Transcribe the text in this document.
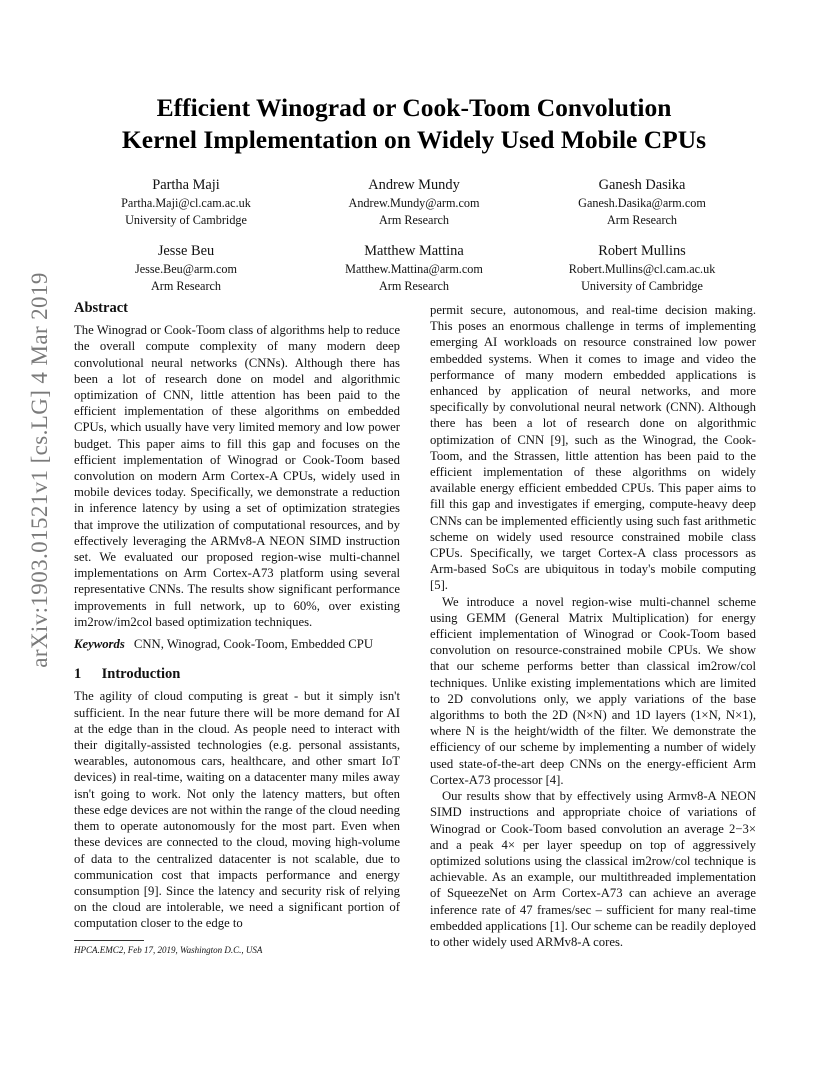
arXiv:1903.01521v1 [cs.LG] 4 Mar 2019
Efficient Winograd or Cook-Toom Convolution
Kernel Implementation on Widely Used Mobile CPUs
Partha Maji
Partha.Maji@cl.cam.ac.uk
University of Cambridge
Andrew Mundy
Andrew.Mundy@arm.com
Arm Research
Ganesh Dasika
Ganesh.Dasika@arm.com
Arm Research
Jesse Beu
Jesse.Beu@arm.com
Arm Research
Matthew Mattina
Matthew.Mattina@arm.com
Arm Research
Robert Mullins
Robert.Mullins@cl.cam.ac.uk
University of Cambridge
Abstract

The Winograd or Cook-Toom class of algorithms help to reduce the overall compute complexity of many modern deep convolutional neural networks (CNNs). Although there has been a lot of research done on model and algorithmic optimization of CNN, little attention has been paid to the efficient implementation of these algorithms on embedded CPUs, which usually have very limited memory and low power budget. This paper aims to fill this gap and focuses on the efficient implementation of Winograd or Cook-Toom based convolution on modern Arm Cortex-A CPUs, widely used in mobile devices today. Specifically, we demonstrate a reduction in inference latency by using a set of optimization strategies that improve the utilization of computational resources, and by effectively leveraging the ARMv8-A NEON SIMD instruction set. We evaluated our proposed region-wise multi-channel implementations on Arm Cortex-A73 platform using several representative CNNs. The results show significant performance improvements in full network, up to 60%, over existing im2row/im2col based optimization techniques.

Keywords CNN, Winograd, Cook-Toom, Embedded CPU
1 Introduction

The agility of cloud computing is great - but it simply isn't sufficient. In the near future there will be more demand for AI at the edge than in the cloud. As people need to interact with their digitally-assisted technologies (e.g. personal assistants, wearables, autonomous cars, healthcare, and other smart IoT devices) in real-time, waiting on a datacenter many miles away isn't going to work. Not only the latency matters, but often these edge devices are not within the range of the cloud needing them to operate autonomously for the most part. Even when these devices are connected to the cloud, moving high-volume of data to the centralized datacenter is not scalable, due to communication cost that impacts performance and energy consumption [9]. Since the latency and security risk of relying on the cloud are intolerable, we need a significant portion of computation closer to the edge to

permit secure, autonomous, and real-time decision making. This poses an enormous challenge in terms of implementing emerging AI workloads on resource constrained low power embedded systems. When it comes to image and video the performance of many modern embedded applications is enhanced by application of neural networks, and more specifically by convolutional neural network (CNN). Although there has been a lot of research done on algorithmic optimization of CNN [9], such as the Winograd, the Cook-Toom, and the Strassen, little attention has been paid to the efficient implementation of these algorithms on widely available energy efficient embedded CPUs. This paper aims to fill this gap and investigates if emerging, compute-heavy deep CNNs can be implemented efficiently using such fast arithmetic scheme on widely used resource constrained mobile class CPUs. Specifically, we target Cortex-A class processors as Arm-based SoCs are ubiquitous in today's mobile computing [5].

We introduce a novel region-wise multi-channel scheme using GEMM (General Matrix Multiplication) for energy efficient implementation of Winograd or Cook-Toom based convolution on resource-constrained mobile CPUs. We show that our scheme performs better than classical im2row/col techniques. Unlike existing implementations which are limited to 2D convolutions only, we apply variations of the base algorithms to both the 2D (N×N) and 1D layers (1×N, N×1), where N is the height/width of the filter. We demonstrate the efficiency of our scheme by implementing a number of widely used state-of-the-art deep CNNs on the energy-efficient Arm Cortex-A73 processor [4].

Our results show that by effectively using Armv8-A NEON SIMD instructions and appropriate choice of variations of Winograd or Cook-Toom based convolution an average 2−3× and a peak 4× per layer speedup on top of aggressively optimized solutions using the classical im2row/col technique is achievable. As an example, our multithreaded implementation of SqueezeNet on Arm Cortex-A73 can achieve an average inference rate of 47 frames/sec – sufficient for many real-time embedded applications [1]. Our scheme can be readily deployed to other widely used ARMv8-A cores.

HPCA.EMC2, Feb 17, 2019, Washington D.C., USA
